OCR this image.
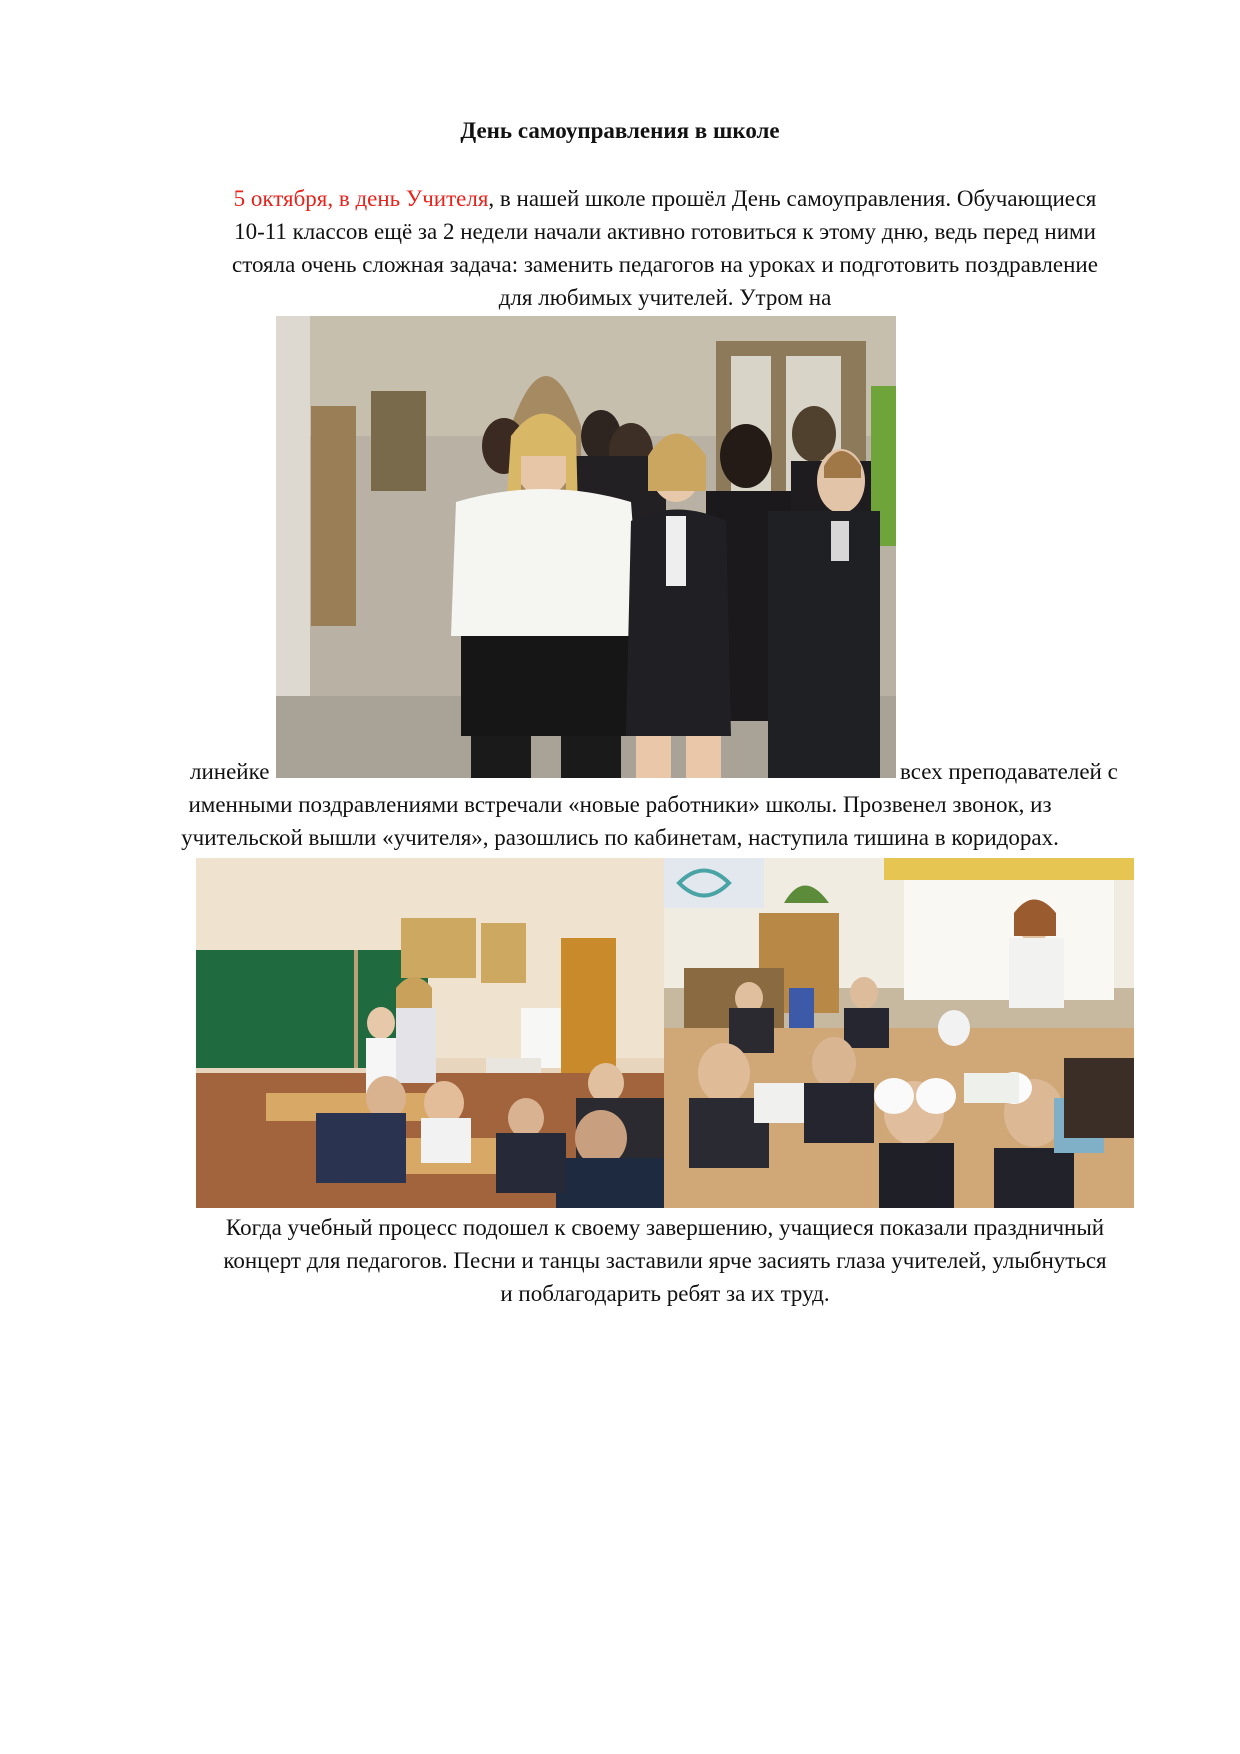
День самоуправления в школе
5 октября, в день Учителя, в нашей школе прошёл День самоуправления. Обучающиеся
10-11 классов ещё за 2 недели начали активно готовиться к этому дню, ведь перед ними
стояла очень сложная задача: заменить педагогов на уроках и подготовить поздравление
для любимых учителей. Утром на
линейке	всех преподавателей с
именными поздравлениями встречали «новые работники» школы. Прозвенел звонок, из
учительской вышли «учителя», разошлись по кабинетам, наступила тишина в коридорах.
Когда учебный процесс подошел к своему завершению, учащиеся показали праздничный
концерт для педагогов. Песни и танцы заставили ярче засиять глаза учителей, улыбнуться
и поблагодарить ребят за их труд.
